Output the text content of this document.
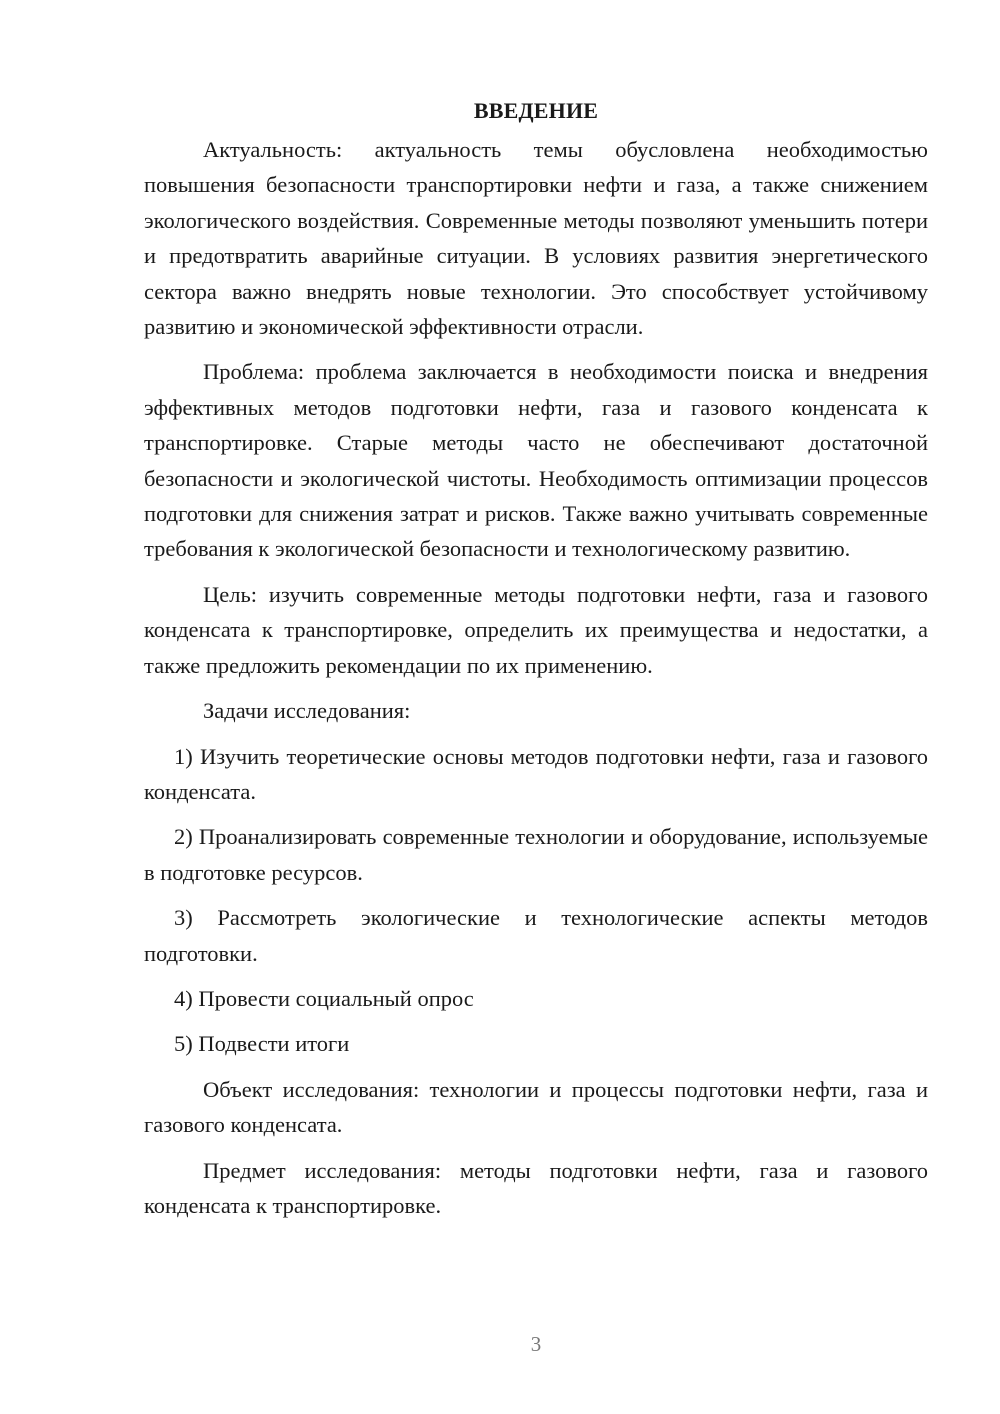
ВВЕДЕНИЕ

Актуальность: актуальность темы обусловлена необходимостью повышения безопасности транспортировки нефти и газа, а также снижением экологического воздействия. Современные методы позволяют уменьшить потери и предотвратить аварийные ситуации. В условиях развития энергетического сектора важно внедрять новые технологии. Это способствует устойчивому развитию и экономической эффективности отрасли.

Проблема: проблема заключается в необходимости поиска и внедрения эффективных методов подготовки нефти, газа и газового конденсата к транспортировке. Старые методы часто не обеспечивают достаточной безопасности и экологической чистоты. Необходимость оптимизации процессов подготовки для снижения затрат и рисков. Также важно учитывать современные требования к экологической безопасности и технологическому развитию.

Цель: изучить современные методы подготовки нефти, газа и газового конденсата к транспортировке, определить их преимущества и недостатки, а также предложить рекомендации по их применению.

Задачи исследования:

1) Изучить теоретические основы методов подготовки нефти, газа и газового конденсата.

2) Проанализировать современные технологии и оборудование, используемые в подготовке ресурсов.

3) Рассмотреть экологические и технологические аспекты методов подготовки.

4) Провести социальный опрос

5) Подвести итоги

Объект исследования: технологии и процессы подготовки нефти, газа и газового конденсата.

Предмет исследования: методы подготовки нефти, газа и газового конденсата к транспортировке.

3
